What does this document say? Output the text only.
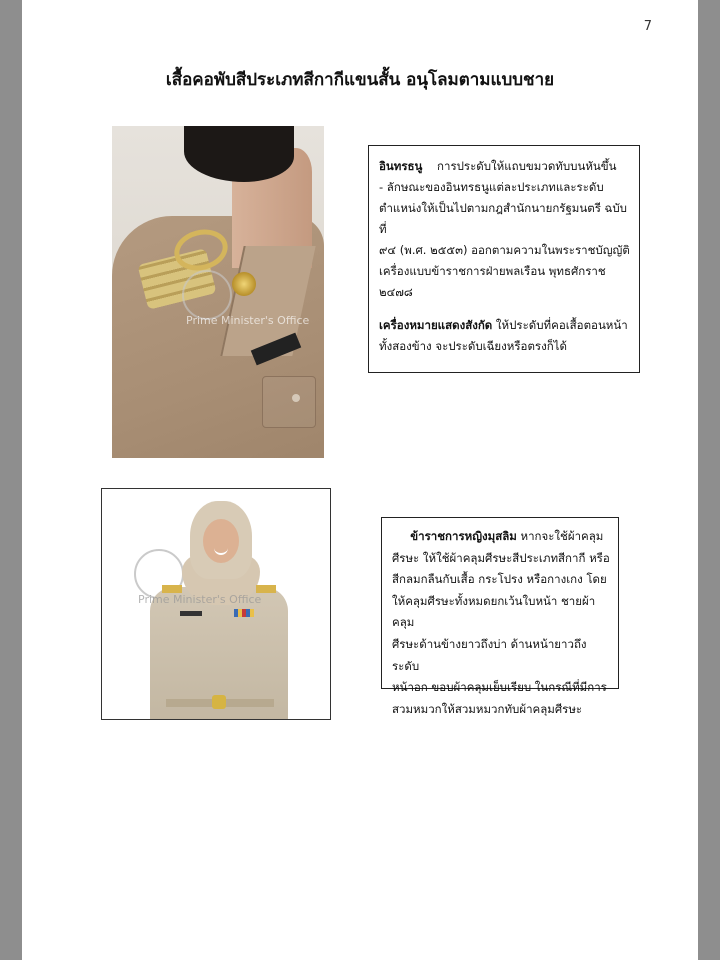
7
เสื้อคอพับสีประเภทสีกากีแขนสั้น อนุโลมตามแบบชาย
Prime Minister's Office
อินทรธนู การประดับให้แถบขมวดทับบนหันขึ้น
- ลักษณะของอินทรธนูแต่ละประเภทและระดับ
ตำแหน่งให้เป็นไปตามกฎสำนักนายกรัฐมนตรี ฉบับที่
๙๔ (พ.ศ. ๒๕๕๓) ออกตามความในพระราชบัญญัติ
เครื่องแบบข้าราชการฝ่ายพลเรือน พุทธศักราช
๒๔๗๘
เครื่องหมายแสดงสังกัด ให้ประดับที่คอเสื้อตอนหน้า
ทั้งสองข้าง จะประดับเฉียงหรือตรงก็ได้
Prime Minister's Office
ข้าราชการหญิงมุสลิม หากจะใช้ผ้าคลุม
ศีรษะ ให้ใช้ผ้าคลุมศีรษะสีประเภทสีกากี หรือ
สีกลมกลืนกับเสื้อ กระโปรง หรือกางเกง โดย
ให้คลุมศีรษะทั้งหมดยกเว้นใบหน้า ชายผ้าคลุม
ศีรษะด้านข้างยาวถึงบ่า ด้านหน้ายาวถึงระดับ
หน้าอก ขอบผ้าคลุมเย็บเรียบ ในกรณีที่มีการ
สวมหมวกให้สวมหมวกทับผ้าคลุมศีรษะ
